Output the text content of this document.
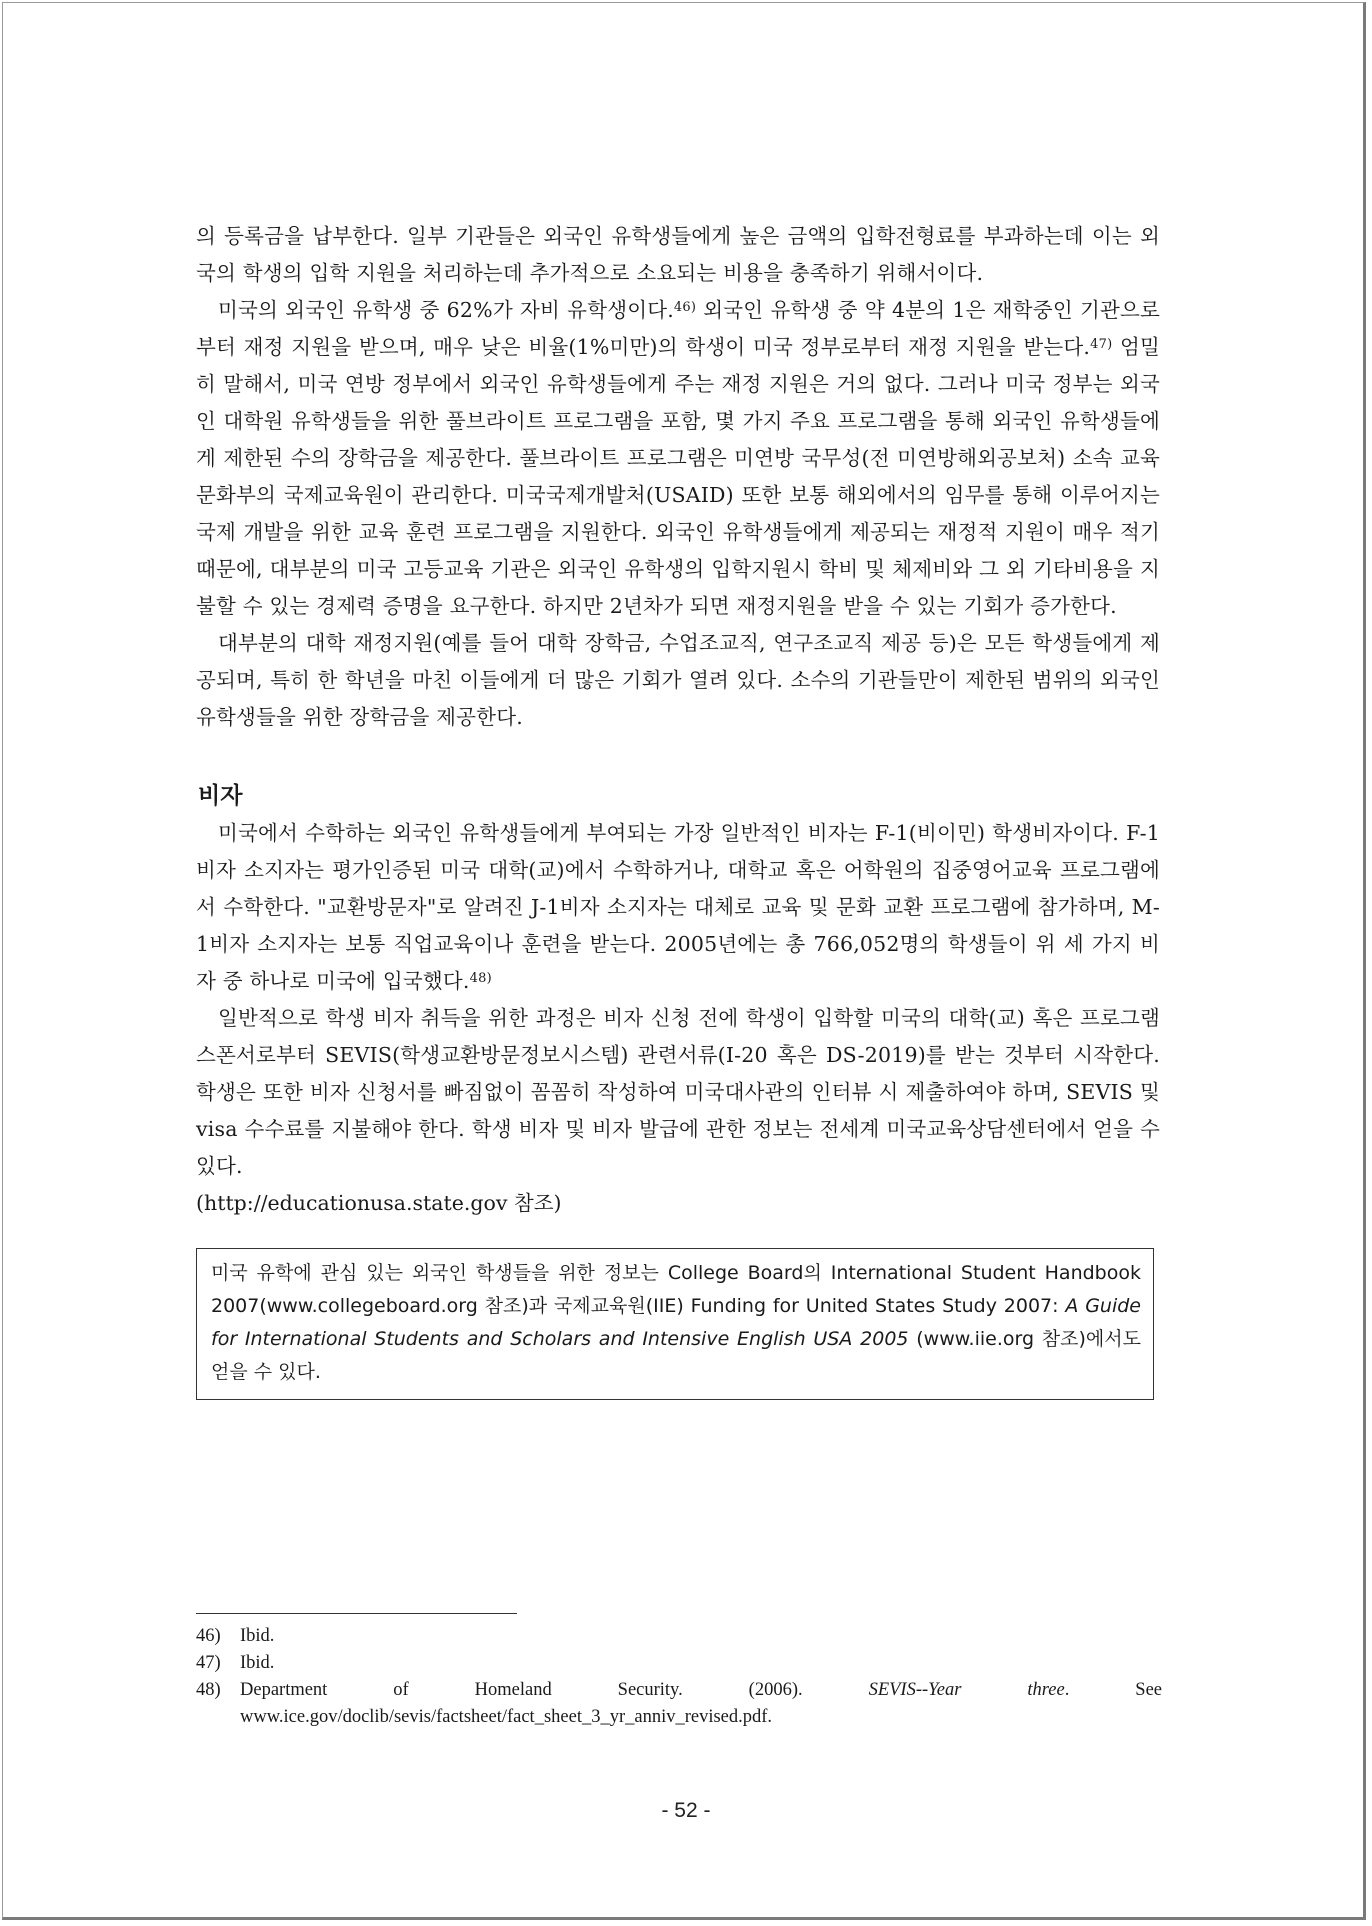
의 등록금을 납부한다. 일부 기관들은 외국인 유학생들에게 높은 금액의 입학전형료를 부과하는데 이는 외국의 학생의 입학 지원을 처리하는데 추가적으로 소요되는 비용을 충족하기 위해서이다.

미국의 외국인 유학생 중 62%가 자비 유학생이다.$^{46)}$ 외국인 유학생 중 약 4분의 1은 재학중인 기관으로부터 재정 지원을 받으며, 매우 낮은 비율(1%미만)의 학생이 미국 정부로부터 재정 지원을 받는다.$^{47)}$ 엄밀히 말해서, 미국 연방 정부에서 외국인 유학생들에게 주는 재정 지원은 거의 없다. 그러나 미국 정부는 외국인 대학원 유학생들을 위한 풀브라이트 프로그램을 포함, 몇 가지 주요 프로그램을 통해 외국인 유학생들에게 제한된 수의 장학금을 제공한다. 풀브라이트 프로그램은 미연방 국무성(전 미연방해외공보처) 소속 교육문화부의 국제교육원이 관리한다. 미국국제개발처(USAID) 또한 보통 해외에서의 임무를 통해 이루어지는 국제 개발을 위한 교육 훈련 프로그램을 지원한다. 외국인 유학생들에게 제공되는 재정적 지원이 매우 적기 때문에, 대부분의 미국 고등교육 기관은 외국인 유학생의 입학지원시 학비 및 체제비와 그 외 기타비용을 지불할 수 있는 경제력 증명을 요구한다. 하지만 2년차가 되면 재정지원을 받을 수 있는 기회가 증가한다.

대부분의 대학 재정지원(예를 들어 대학 장학금, 수업조교직, 연구조교직 제공 등)은 모든 학생들에게 제공되며, 특히 한 학년을 마친 이들에게 더 많은 기회가 열려 있다. 소수의 기관들만이 제한된 범위의 외국인 유학생들을 위한 장학금을 제공한다.

비자

미국에서 수학하는 외국인 유학생들에게 부여되는 가장 일반적인 비자는 F-1(비이민) 학생비자이다. F-1비자 소지자는 평가인증된 미국 대학(교)에서 수학하거나, 대학교 혹은 어학원의 집중영어교육 프로그램에서 수학한다. "교환방문자"로 알려진 J-1비자 소지자는 대체로 교육 및 문화 교환 프로그램에 참가하며, M-1비자 소지자는 보통 직업교육이나 훈련을 받는다. 2005년에는 총 766,052명의 학생들이 위 세 가지 비자 중 하나로 미국에 입국했다.$^{48)}$

일반적으로 학생 비자 취득을 위한 과정은 비자 신청 전에 학생이 입학할 미국의 대학(교) 혹은 프로그램 스폰서로부터 SEVIS(학생교환방문정보시스템) 관련서류(I-20 혹은 DS-2019)를 받는 것부터 시작한다. 학생은 또한 비자 신청서를 빠짐없이 꼼꼼히 작성하여 미국대사관의 인터뷰 시 제출하여야 하며, SEVIS 및 visa 수수료를 지불해야 한다. 학생 비자 및 비자 발급에 관한 정보는 전세계 미국교육상담센터에서 얻을 수 있다.

(http://educationusa.state.gov 참조)

미국 유학에 관심 있는 외국인 학생들을 위한 정보는 College Board의 International Student Handbook 2007(www.collegeboard.org 참조)과 국제교육원(IIE) Funding for United States Study 2007: A Guide for International Students and Scholars and Intensive English USA 2005 (www.iie.org 참조)에서도 얻을 수 있다.
46)	Ibid.
47)	Ibid.
48)	Department of Homeland Security. (2006). SEVIS--Year three. See www.ice.gov/doclib/sevis/factsheet/fact_sheet_3_yr_anniv_revised.pdf.
- 52 -
